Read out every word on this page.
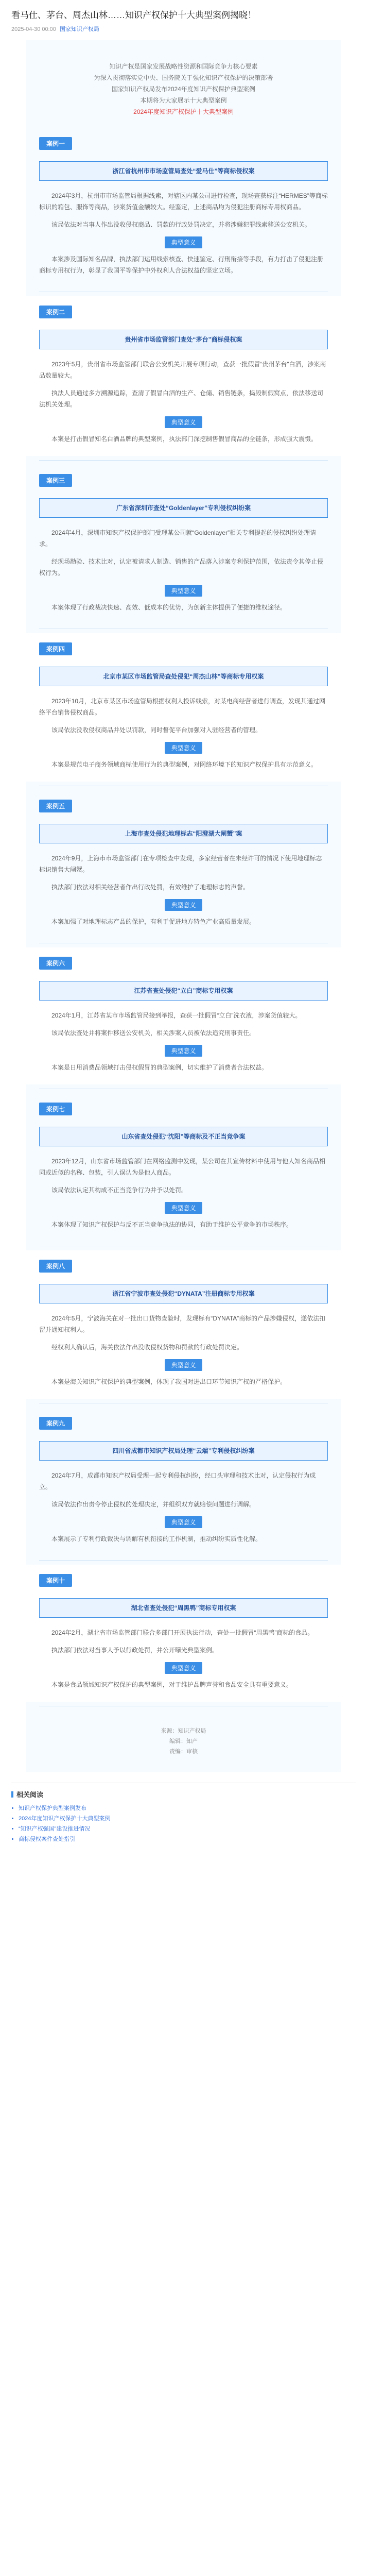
看马仕、茅台、周杰山林……知识产权保护十大典型案例揭晓！
2025-04-30 00:00 国家知识产权局
知识产权是国家发展战略性资源和国际竞争力核心要素
为深入贯彻落实党中央、国务院关于强化知识产权保护的决策部署
国家知识产权局发布2024年度知识产权保护典型案例
本期将为大家展示十大典型案例
2024年度知识产权保护十大典型案例
案例一
浙江省杭州市市场监管局查处“爱马仕”等商标侵权案

2024年3月，杭州市市场监管局根据线索，对辖区内某公司进行检查，现场查获标注“HERMES”等商标标识的箱包、服饰等商品，涉案货值金额较大。经鉴定，上述商品均为侵犯注册商标专用权商品。

该局依法对当事人作出没收侵权商品、罚款的行政处罚决定，并将涉嫌犯罪线索移送公安机关。

典型意义

本案涉及国际知名品牌，执法部门运用线索核查、快速鉴定、行刑衔接等手段，有力打击了侵犯注册商标专用权行为，彰显了我国平等保护中外权利人合法权益的坚定立场。

案例二
贵州省市场监管部门查处“茅台”商标侵权案

2023年5月，贵州省市场监管部门联合公安机关开展专项行动，查获一批假冒“贵州茅台”白酒，涉案商品数量较大。

执法人员通过多方溯源追踪，查清了假冒白酒的生产、仓储、销售链条，捣毁制假窝点，依法移送司法机关处理。

典型意义

本案是打击假冒知名白酒品牌的典型案例，执法部门深挖制售假冒商品的全链条，形成强大震慑。

案例三
广东省深圳市查处“Goldenlayer”专利侵权纠纷案

2024年4月，深圳市知识产权保护部门受理某公司就“Goldenlayer”相关专利提起的侵权纠纷处理请求。

经现场勘验、技术比对，认定被请求人制造、销售的产品落入涉案专利保护范围，依法责令其停止侵权行为。

典型意义

本案体现了行政裁决快速、高效、低成本的优势，为创新主体提供了便捷的维权途径。

案例四
北京市某区市场监管局查处侵犯“周杰山林”等商标专用权案

2023年10月，北京市某区市场监管局根据权利人投诉线索，对某电商经营者进行调查，发现其通过网络平台销售侵权商品。

该局依法没收侵权商品并处以罚款，同时督促平台加强对入驻经营者的管理。

典型意义

本案是规范电子商务领域商标使用行为的典型案例，对网络环境下的知识产权保护具有示范意义。

案例五
上海市查处侵犯地理标志“阳澄湖大闸蟹”案

2024年9月，上海市市场监管部门在专项检查中发现，多家经营者在未经许可的情况下使用地理标志标识销售大闸蟹。

执法部门依法对相关经营者作出行政处罚，有效维护了地理标志的声誉。

典型意义

本案加强了对地理标志产品的保护，有利于促进地方特色产业高质量发展。

案例六
江苏省查处侵犯“立白”商标专用权案

2024年1月，江苏省某市市场监管局接到举报，查获一批假冒“立白”洗衣液，涉案货值较大。

该局依法查处并将案件移送公安机关，相关涉案人员被依法追究刑事责任。

典型意义

本案是日用消费品领域打击侵权假冒的典型案例，切实维护了消费者合法权益。

案例七
山东省查处侵犯“沈阳”等商标及不正当竞争案

2023年12月，山东省市场监管部门在网络监测中发现，某公司在其宣传材料中使用与他人知名商品相同或近似的名称、包装，引人误认为是他人商品。

该局依法认定其构成不正当竞争行为并予以处罚。

典型意义

本案体现了知识产权保护与反不正当竞争执法的协同，有助于维护公平竞争的市场秩序。

案例八
浙江省宁波市查处侵犯“DYNATA”注册商标专用权案

2024年5月，宁波海关在对一批出口货物查验时，发现标有“DYNATA”商标的产品涉嫌侵权，遂依法扣留并通知权利人。

经权利人确认后，海关依法作出没收侵权货物和罚款的行政处罚决定。

典型意义

本案是海关知识产权保护的典型案例，体现了我国对进出口环节知识产权的严格保护。

案例九
四川省成都市知识产权局处理“云端”专利侵权纠纷案

2024年7月，成都市知识产权局受理一起专利侵权纠纷，经口头审理和技术比对，认定侵权行为成立。

该局依法作出责令停止侵权的处理决定，并组织双方就赔偿问题进行调解。

典型意义

本案展示了专利行政裁决与调解有机衔接的工作机制，推动纠纷实质性化解。

案例十
湖北省查处侵犯“周黑鸭”商标专用权案

2024年2月，湖北省市场监管部门联合多部门开展执法行动，查处一批假冒“周黑鸭”商标的食品。

执法部门依法对当事人予以行政处罚，并公开曝光典型案例。

典型意义

本案是食品领域知识产权保护的典型案例，对于维护品牌声誉和食品安全具有重要意义。

来源：知识产权局
编辑：知产
责编：审核
相关阅读
• 知识产权保护典型案例发布
• 2024年度知识产权保护十大典型案例
• “知识产权强国”建设推进情况
• 商标侵权案件查处指引
